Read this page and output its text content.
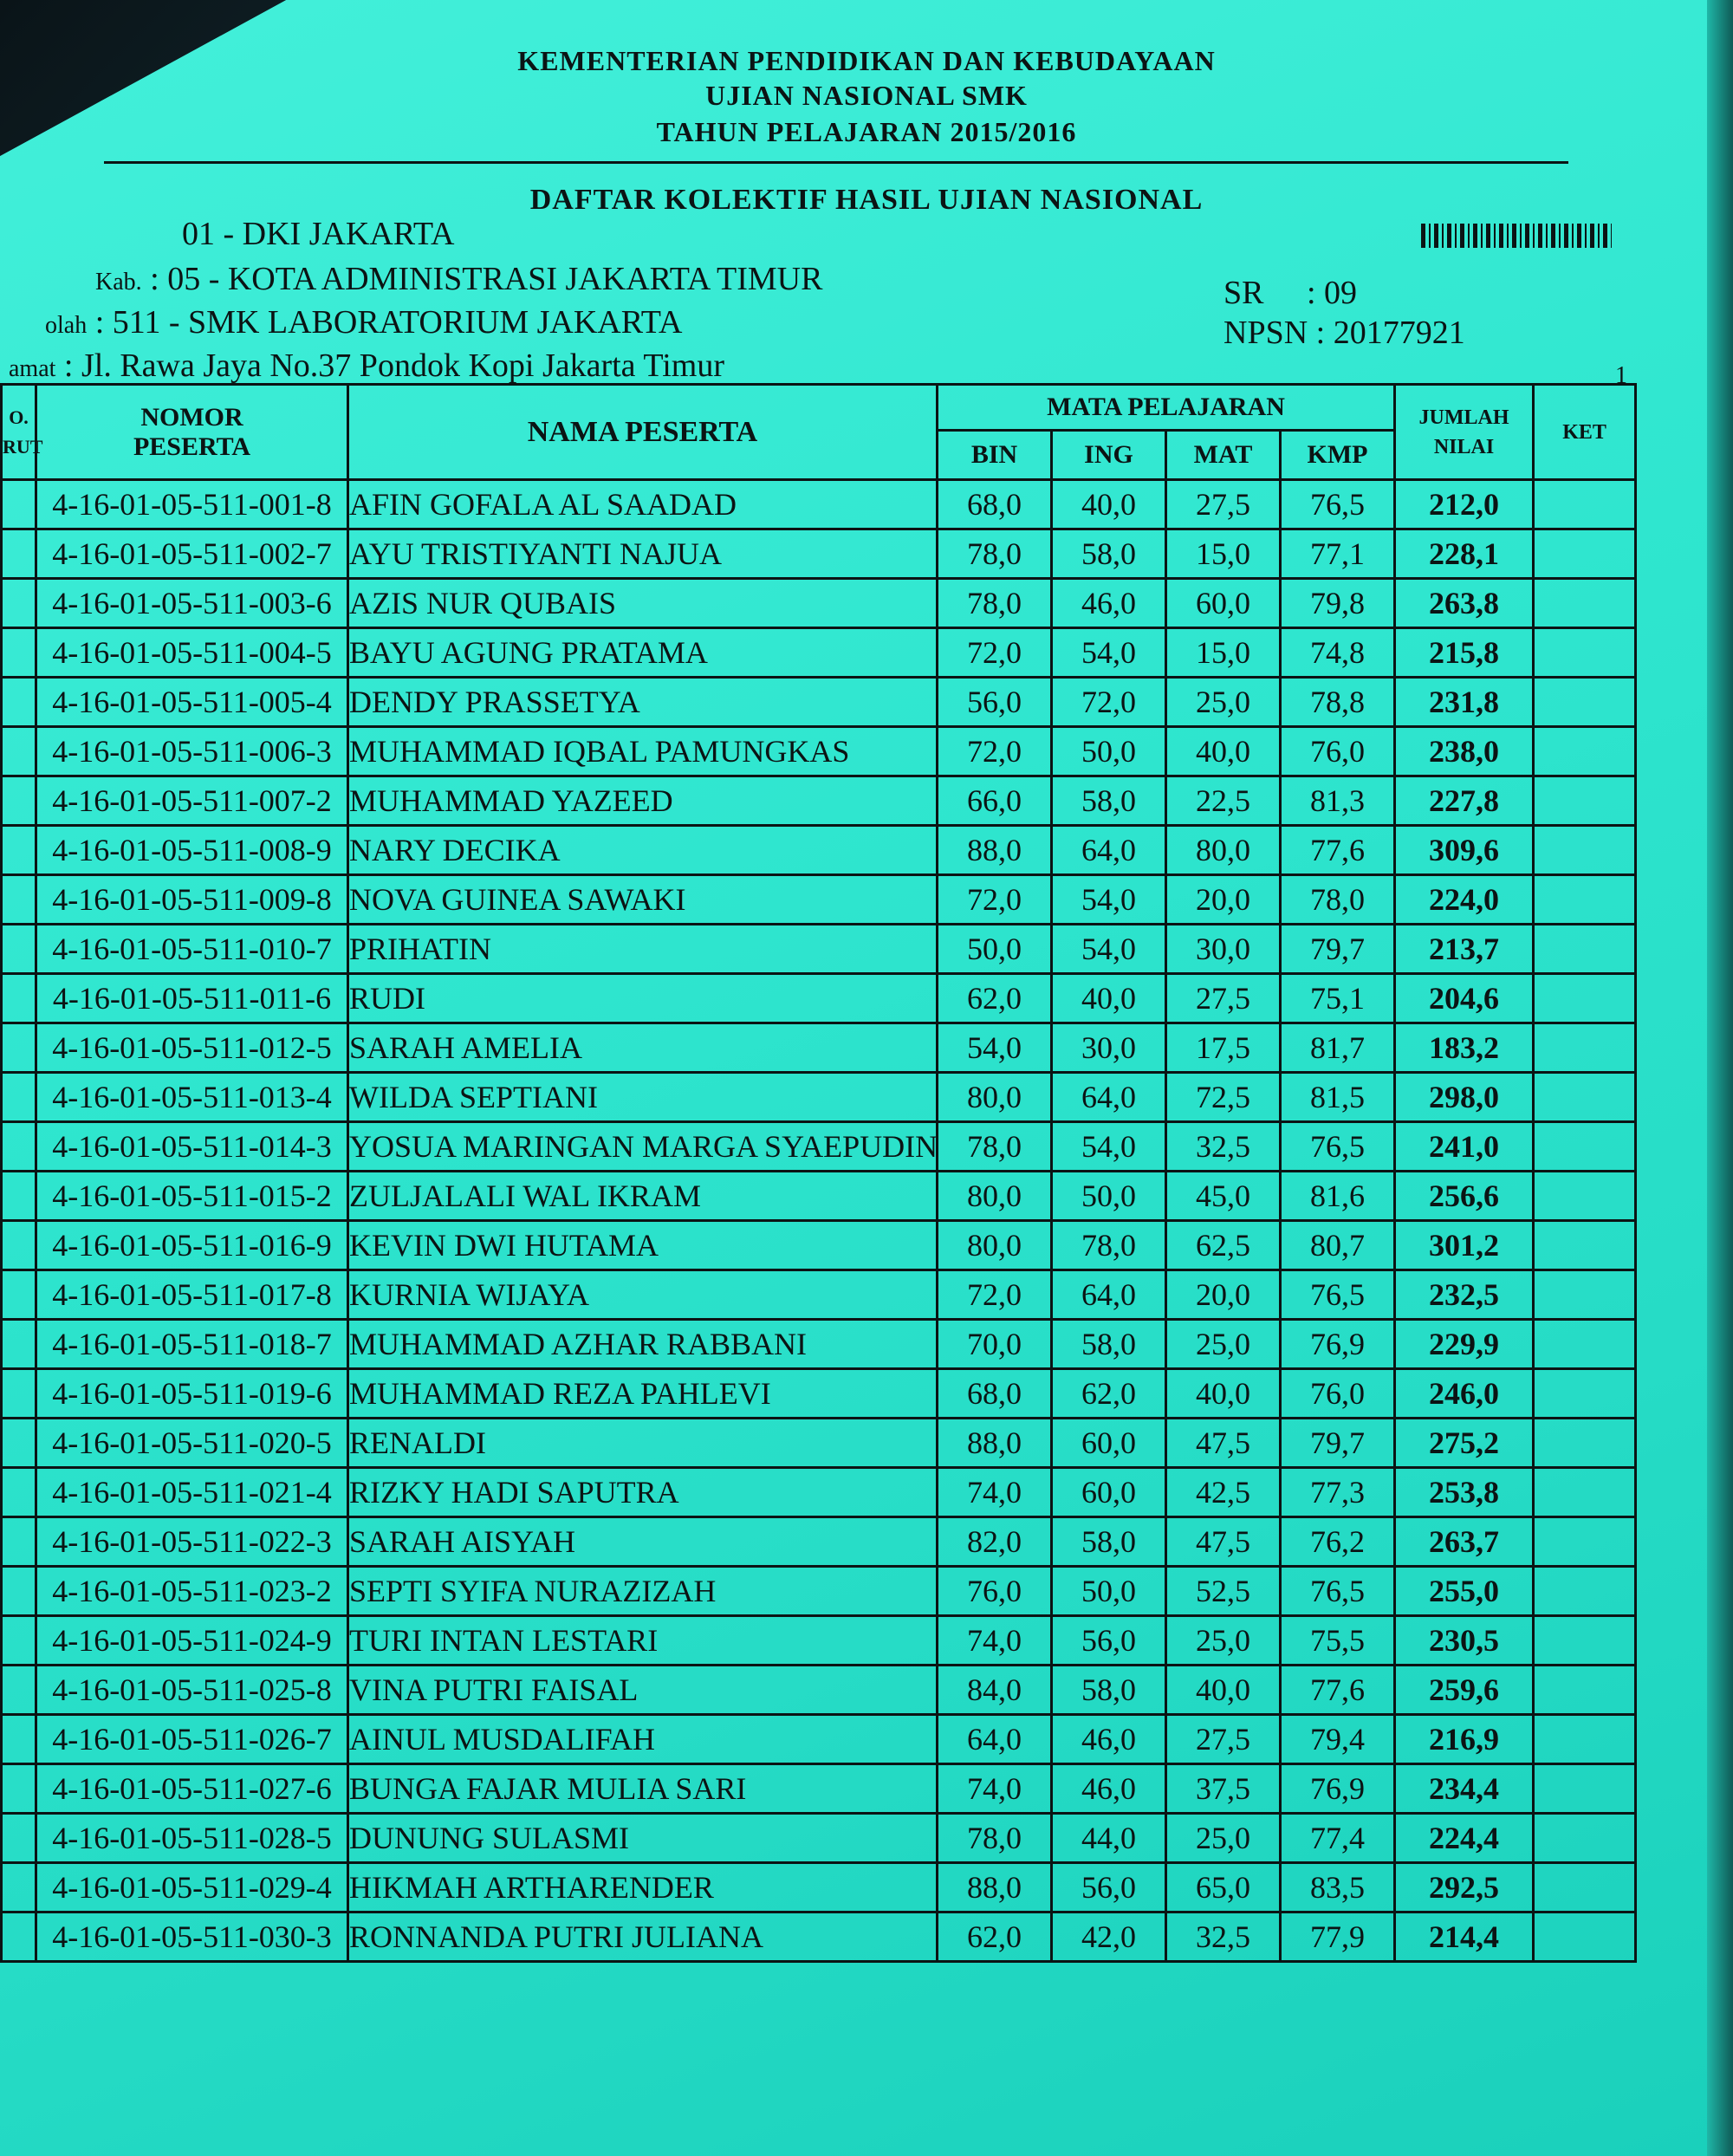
KEMENTERIAN PENDIDIKAN DAN KEBUDAYAAN
UJIAN NASIONAL SMK
TAHUN PELAJARAN 2015/2016
DAFTAR KOLEKTIF HASIL UJIAN NASIONAL
01 - DKI JAKARTA
Kab. : 05 - KOTA ADMINISTRASI JAKARTA TIMUR
olah : 511 - SMK LABORATORIUM JAKARTA
amat : Jl. Rawa Jaya No.37 Pondok Kopi Jakarta Timur
SR : 09
NPSN : 20177921
1
O.
RUT	NOMOR
PESERTA	NAMA PESERTA	MATA PELAJARAN				JUMLAH
NILAI	KET
			BIN	ING	MAT	KMP		
	4-16-01-05-511-001-8	AFIN GOFALA AL SAADAD	68,0	40,0	27,5	76,5	212,0	
	4-16-01-05-511-002-7	AYU TRISTIYANTI NAJUA	78,0	58,0	15,0	77,1	228,1	
	4-16-01-05-511-003-6	AZIS NUR QUBAIS	78,0	46,0	60,0	79,8	263,8	
	4-16-01-05-511-004-5	BAYU AGUNG PRATAMA	72,0	54,0	15,0	74,8	215,8	
	4-16-01-05-511-005-4	DENDY PRASSETYA	56,0	72,0	25,0	78,8	231,8	
	4-16-01-05-511-006-3	MUHAMMAD IQBAL PAMUNGKAS	72,0	50,0	40,0	76,0	238,0	
	4-16-01-05-511-007-2	MUHAMMAD YAZEED	66,0	58,0	22,5	81,3	227,8	
	4-16-01-05-511-008-9	NARY DECIKA	88,0	64,0	80,0	77,6	309,6	
	4-16-01-05-511-009-8	NOVA GUINEA SAWAKI	72,0	54,0	20,0	78,0	224,0	
	4-16-01-05-511-010-7	PRIHATIN	50,0	54,0	30,0	79,7	213,7	
	4-16-01-05-511-011-6	RUDI	62,0	40,0	27,5	75,1	204,6	
	4-16-01-05-511-012-5	SARAH AMELIA	54,0	30,0	17,5	81,7	183,2	
	4-16-01-05-511-013-4	WILDA SEPTIANI	80,0	64,0	72,5	81,5	298,0	
	4-16-01-05-511-014-3	YOSUA MARINGAN MARGA SYAEPUDIN	78,0	54,0	32,5	76,5	241,0	
	4-16-01-05-511-015-2	ZULJALALI WAL IKRAM	80,0	50,0	45,0	81,6	256,6	
	4-16-01-05-511-016-9	KEVIN DWI HUTAMA	80,0	78,0	62,5	80,7	301,2	
	4-16-01-05-511-017-8	KURNIA WIJAYA	72,0	64,0	20,0	76,5	232,5	
	4-16-01-05-511-018-7	MUHAMMAD AZHAR RABBANI	70,0	58,0	25,0	76,9	229,9	
	4-16-01-05-511-019-6	MUHAMMAD REZA PAHLEVI	68,0	62,0	40,0	76,0	246,0	
	4-16-01-05-511-020-5	RENALDI	88,0	60,0	47,5	79,7	275,2	
	4-16-01-05-511-021-4	RIZKY HADI SAPUTRA	74,0	60,0	42,5	77,3	253,8	
	4-16-01-05-511-022-3	SARAH AISYAH	82,0	58,0	47,5	76,2	263,7	
	4-16-01-05-511-023-2	SEPTI SYIFA NURAZIZAH	76,0	50,0	52,5	76,5	255,0	
	4-16-01-05-511-024-9	TURI INTAN LESTARI	74,0	56,0	25,0	75,5	230,5	
	4-16-01-05-511-025-8	VINA PUTRI FAISAL	84,0	58,0	40,0	77,6	259,6	
	4-16-01-05-511-026-7	AINUL MUSDALIFAH	64,0	46,0	27,5	79,4	216,9	
	4-16-01-05-511-027-6	BUNGA FAJAR MULIA SARI	74,0	46,0	37,5	76,9	234,4	
	4-16-01-05-511-028-5	DUNUNG SULASMI	78,0	44,0	25,0	77,4	224,4	
	4-16-01-05-511-029-4	HIKMAH ARTHARENDER	88,0	56,0	65,0	83,5	292,5	
	4-16-01-05-511-030-3	RONNANDA PUTRI JULIANA	62,0	42,0	32,5	77,9	214,4	
